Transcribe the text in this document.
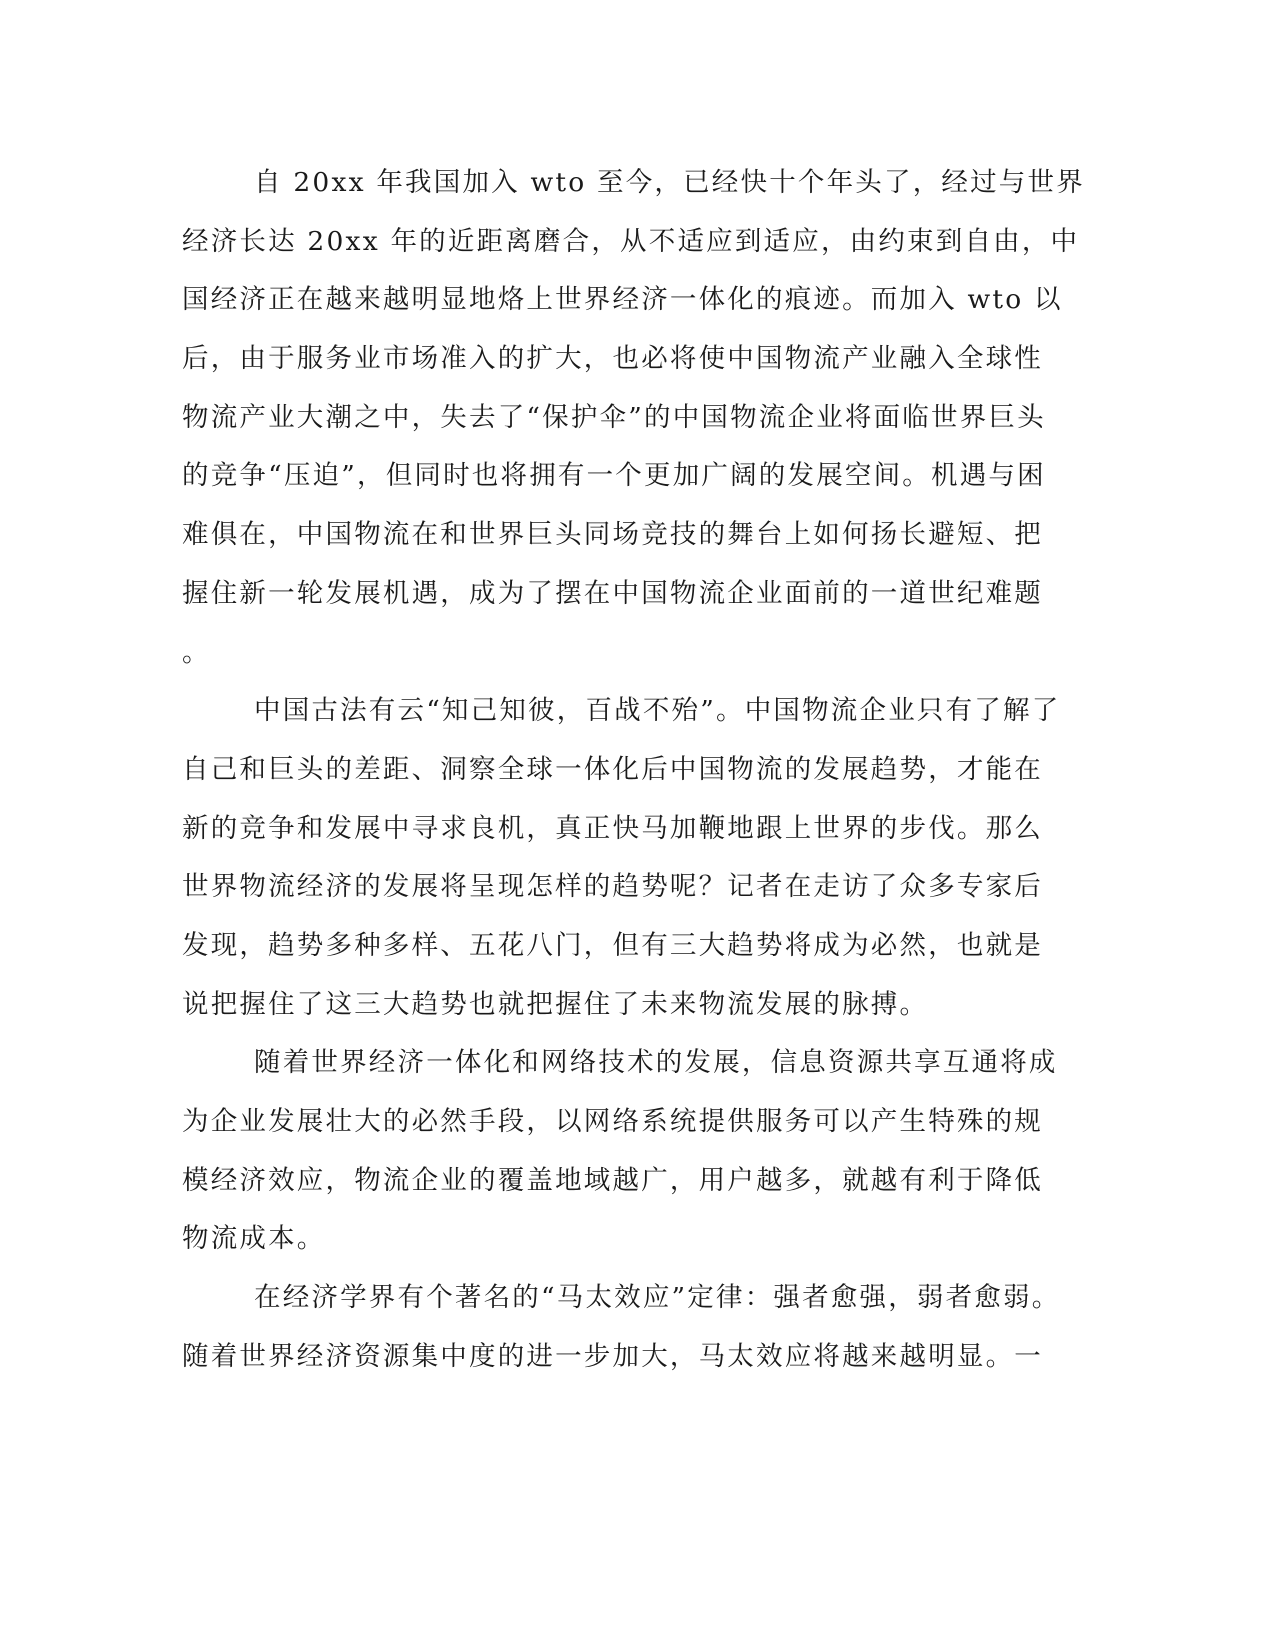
自 20xx 年我国加入 wto 至今，已经快十个年头了，经过与世界
经济长达 20xx 年的近距离磨合，从不适应到适应，由约束到自由，中
国经济正在越来越明显地烙上世界经济一体化的痕迹。而加入 wto 以
后，由于服务业市场准入的扩大，也必将使中国物流产业融入全球性
物流产业大潮之中，失去了“保护伞”的中国物流企业将面临世界巨头
的竞争“压迫”，但同时也将拥有一个更加广阔的发展空间。机遇与困
难俱在，中国物流在和世界巨头同场竞技的舞台上如何扬长避短、把
握住新一轮发展机遇，成为了摆在中国物流企业面前的一道世纪难题
。
中国古法有云“知己知彼，百战不殆”。中国物流企业只有了解了
自己和巨头的差距、洞察全球一体化后中国物流的发展趋势，才能在
新的竞争和发展中寻求良机，真正快马加鞭地跟上世界的步伐。那么
世界物流经济的发展将呈现怎样的趋势呢？记者在走访了众多专家后
发现，趋势多种多样、五花八门，但有三大趋势将成为必然，也就是
说把握住了这三大趋势也就把握住了未来物流发展的脉搏。
随着世界经济一体化和网络技术的发展，信息资源共享互通将成
为企业发展壮大的必然手段，以网络系统提供服务可以产生特殊的规
模经济效应，物流企业的覆盖地域越广，用户越多，就越有利于降低
物流成本。
在经济学界有个著名的“马太效应”定律：强者愈强，弱者愈弱。
随着世界经济资源集中度的进一步加大，马太效应将越来越明显。一
